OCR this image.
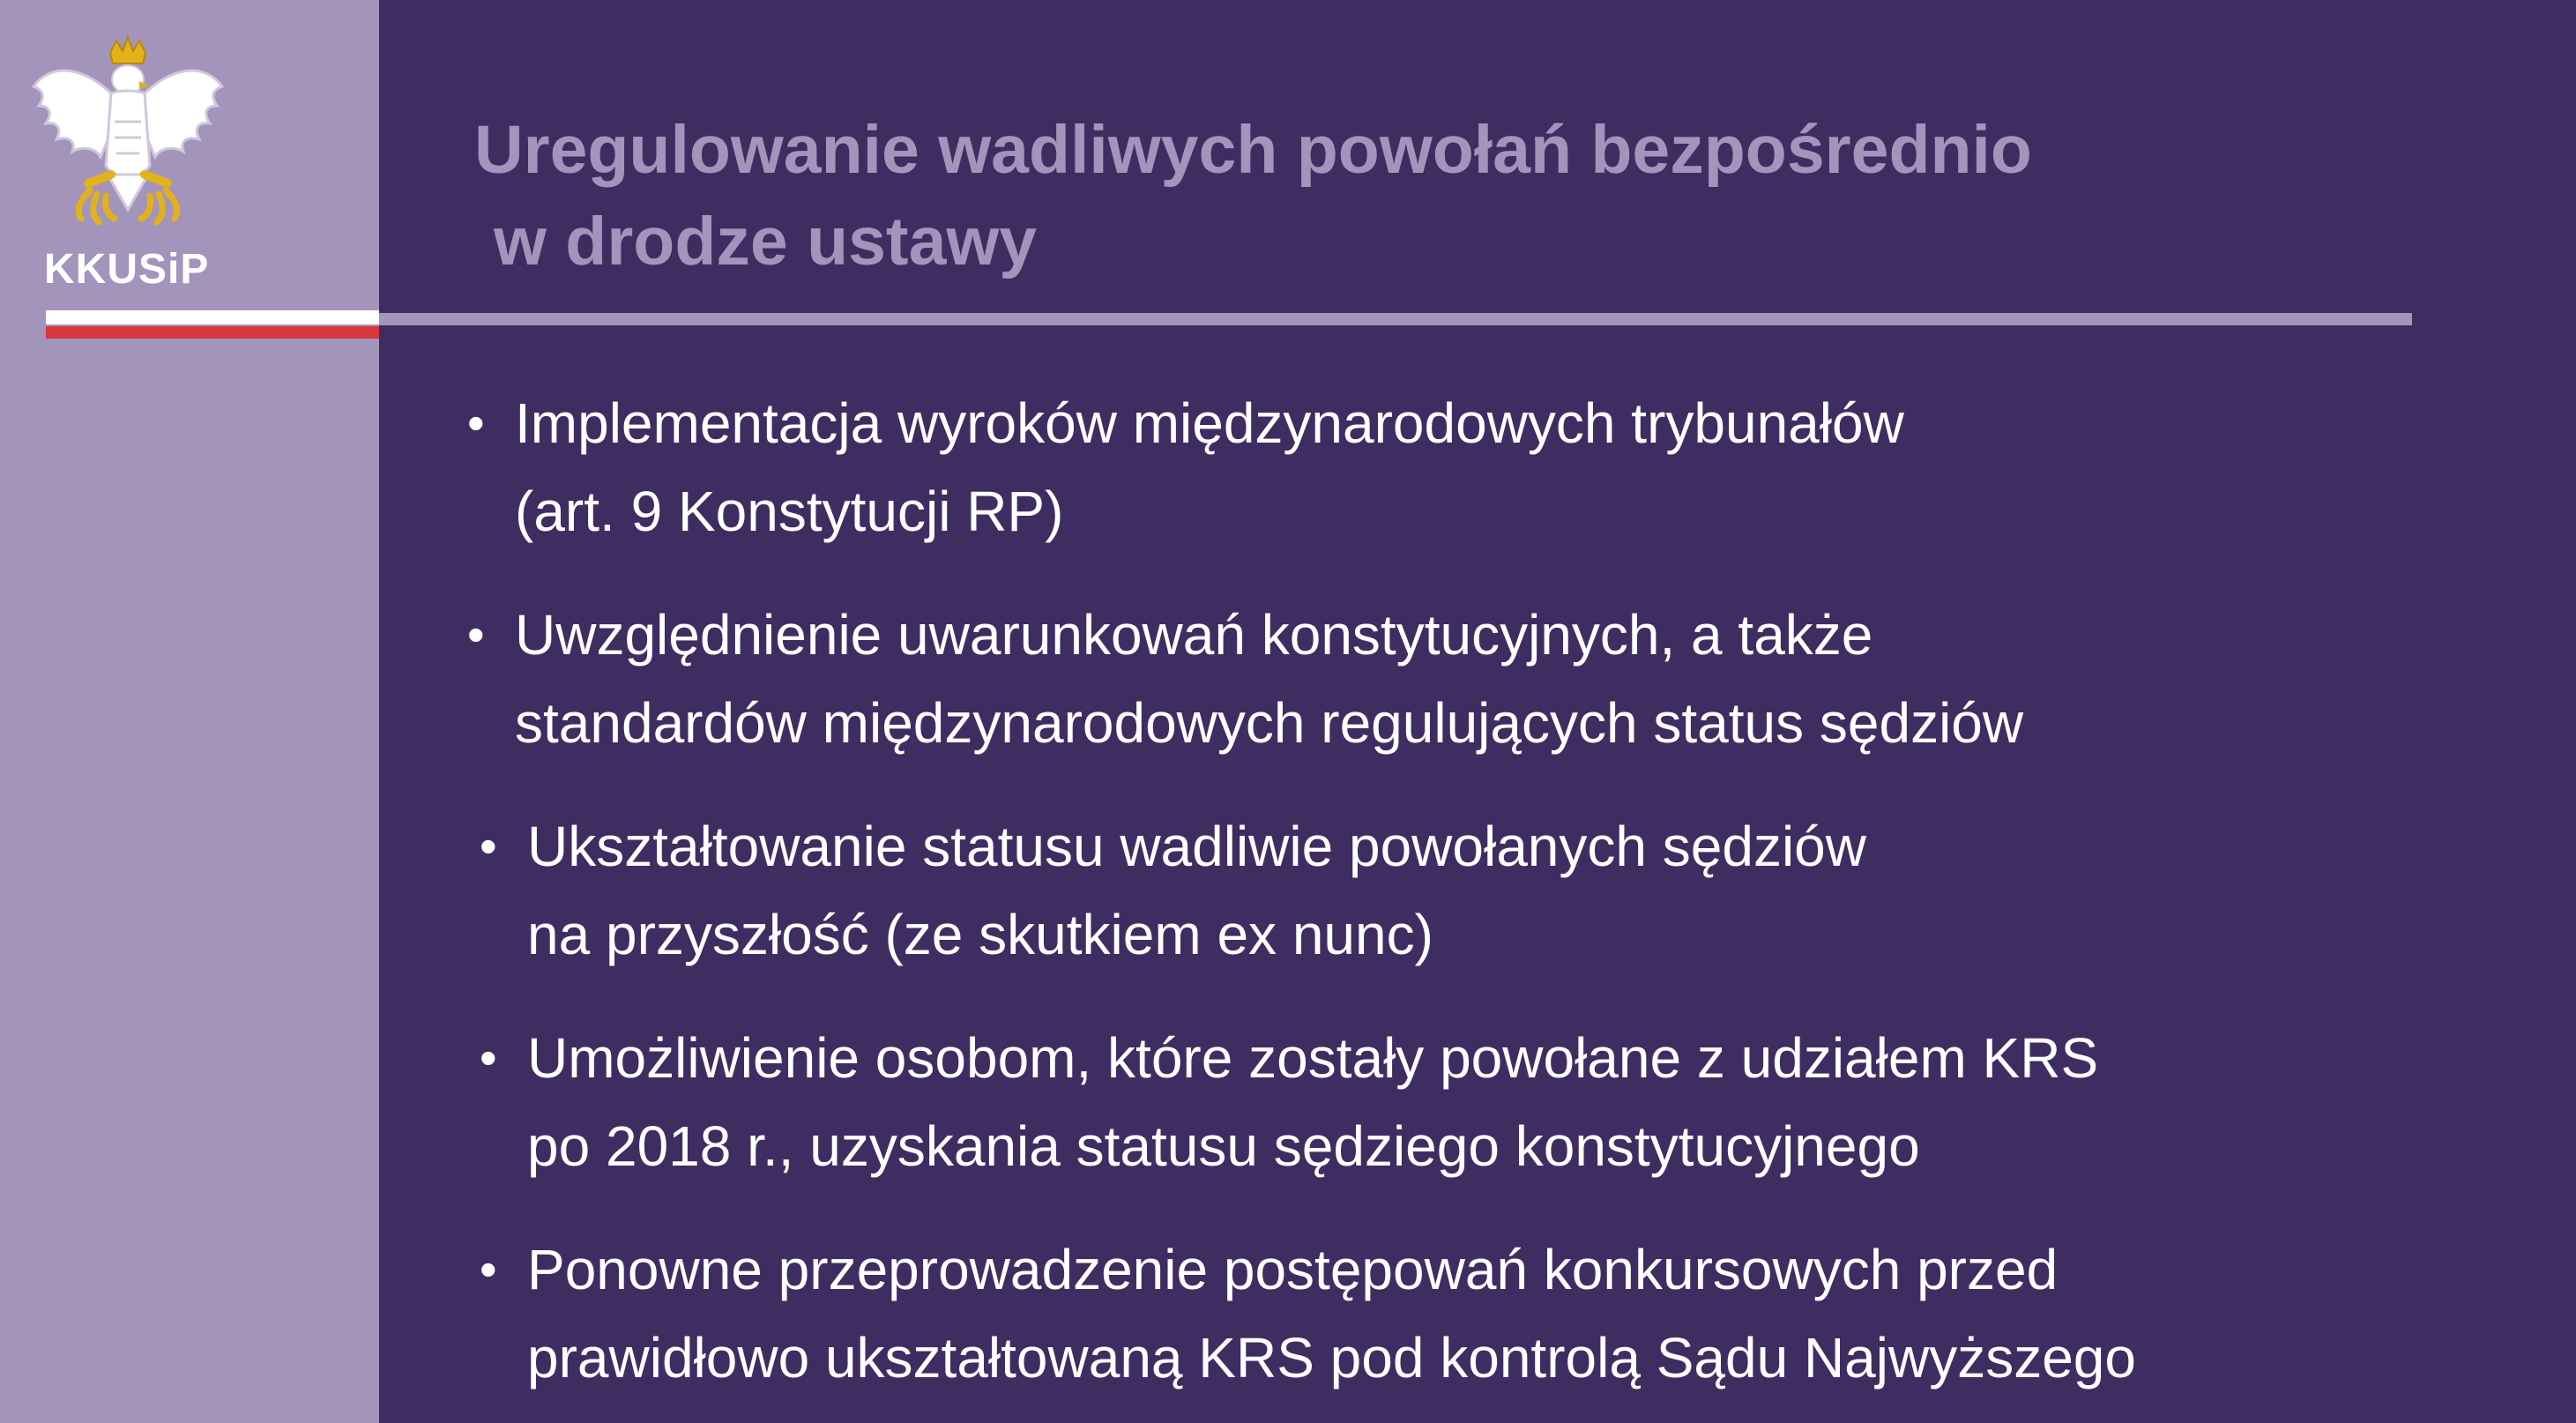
KKUSiP
Uregulowanie wadliwych powołań bezpośrednio
w drodze ustawy
• Implementacja wyroków międzynarodowych trybunałów
(art. 9 Konstytucji RP)
• Uwzględnienie uwarunkowań konstytucyjnych, a także
standardów międzynarodowych regulujących status sędziów
• Ukształtowanie statusu wadliwie powołanych sędziów
na przyszłość (ze skutkiem ex nunc)
• Umożliwienie osobom, które zostały powołane z udziałem KRS
po 2018 r., uzyskania statusu sędziego konstytucyjnego
• Ponowne przeprowadzenie postępowań konkursowych przed
prawidłowo ukształtowaną KRS pod kontrolą Sądu Najwyższego
